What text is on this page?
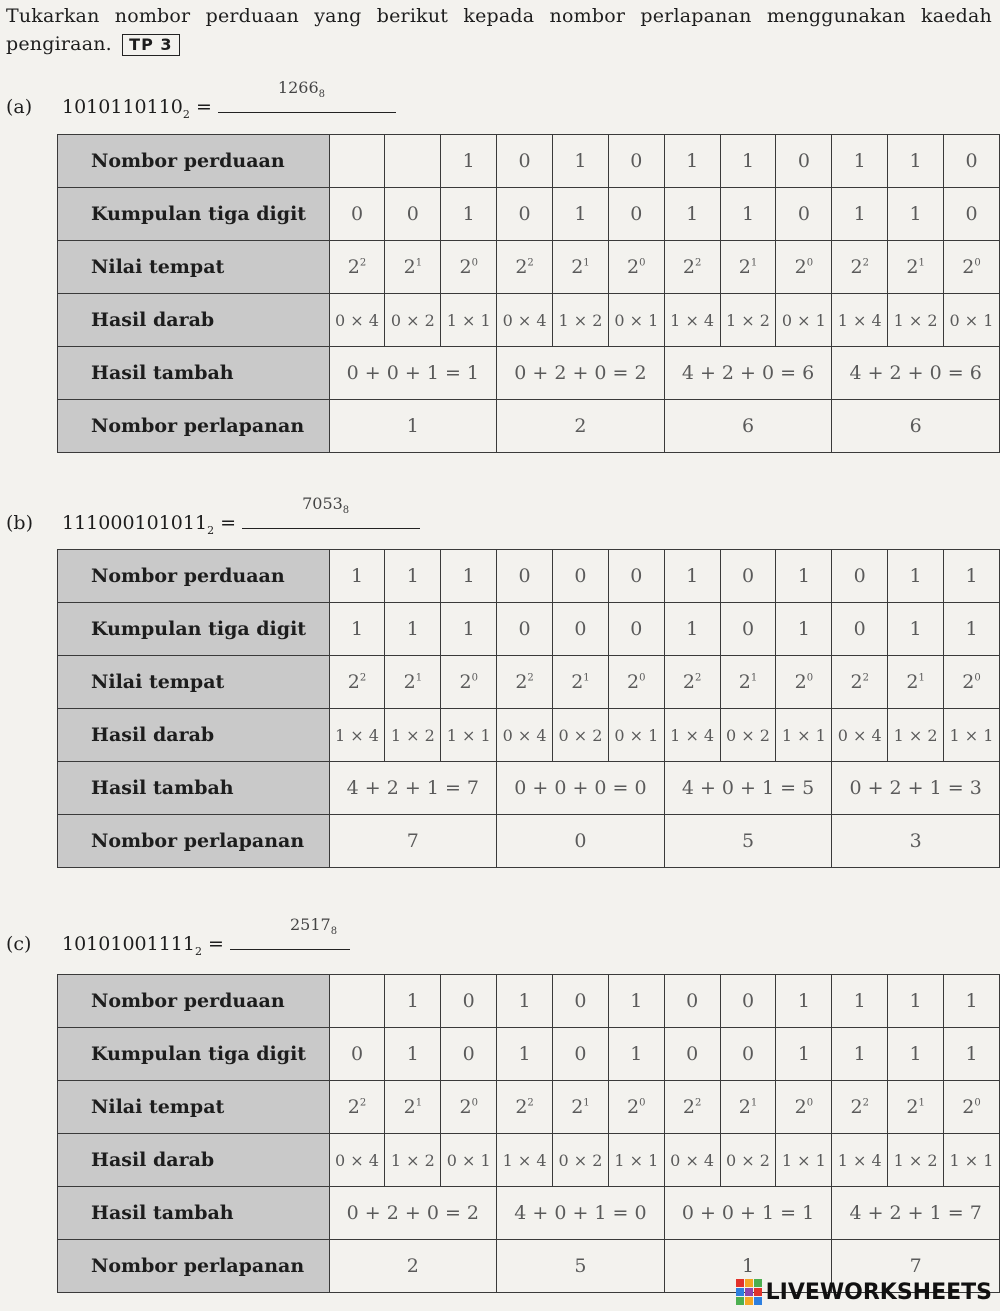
Tukarkan nombor perduaan yang berikut kepada nombor perlapanan menggunakan kaedah pengiraan. TP 3
(a) $1010110110_2$ =
$1266_8$
Nombor perduaan			1	0	1	0	1	1	0	1	1	0
Kumpulan tiga digit	0	0	1	0	1	0	1	1	0	1	1	0
Nilai tempat	$2^2$	$2^1$	$2^0$	$2^2$	$2^1$	$2^0$	$2^2$	$2^1$	$2^0$	$2^2$	$2^1$	$2^0$
Hasil darab	0 × 4	0 × 2	1 × 1	0 × 4	1 × 2	0 × 1	1 × 4	1 × 2	0 × 1	1 × 4	1 × 2	0 × 1
Hasil tambah	0 + 0 + 1 = 1			0 + 2 + 0 = 2			4 + 2 + 0 = 6			4 + 2 + 0 = 6		
Nombor perlapanan	1			2			6			6		
(b) $111000101011_2$ =
$7053_8$
Nombor perduaan	1	1	1	0	0	0	1	0	1	0	1	1
Kumpulan tiga digit	1	1	1	0	0	0	1	0	1	0	1	1
Nilai tempat	$2^2$	$2^1$	$2^0$	$2^2$	$2^1$	$2^0$	$2^2$	$2^1$	$2^0$	$2^2$	$2^1$	$2^0$
Hasil darab	1 × 4	1 × 2	1 × 1	0 × 4	0 × 2	0 × 1	1 × 4	0 × 2	1 × 1	0 × 4	1 × 2	1 × 1
Hasil tambah	4 + 2 + 1 = 7			0 + 0 + 0 = 0			4 + 0 + 1 = 5			0 + 2 + 1 = 3		
Nombor perlapanan	7			0			5			3		
(c) $10101001111_2$ =
$2517_8$
Nombor perduaan		1	0	1	0	1	0	0	1	1	1	1
Kumpulan tiga digit	0	1	0	1	0	1	0	0	1	1	1	1
Nilai tempat	$2^2$	$2^1$	$2^0$	$2^2$	$2^1$	$2^0$	$2^2$	$2^1$	$2^0$	$2^2$	$2^1$	$2^0$
Hasil darab	0 × 4	1 × 2	0 × 1	1 × 4	0 × 2	1 × 1	0 × 4	0 × 2	1 × 1	1 × 4	1 × 2	1 × 1
Hasil tambah	0 + 2 + 0 = 2			4 + 0 + 1 = 0			0 + 0 + 1 = 1			4 + 2 + 1 = 7		
Nombor perlapanan	2			5			1			7		
LIVEWORKSHEETS
